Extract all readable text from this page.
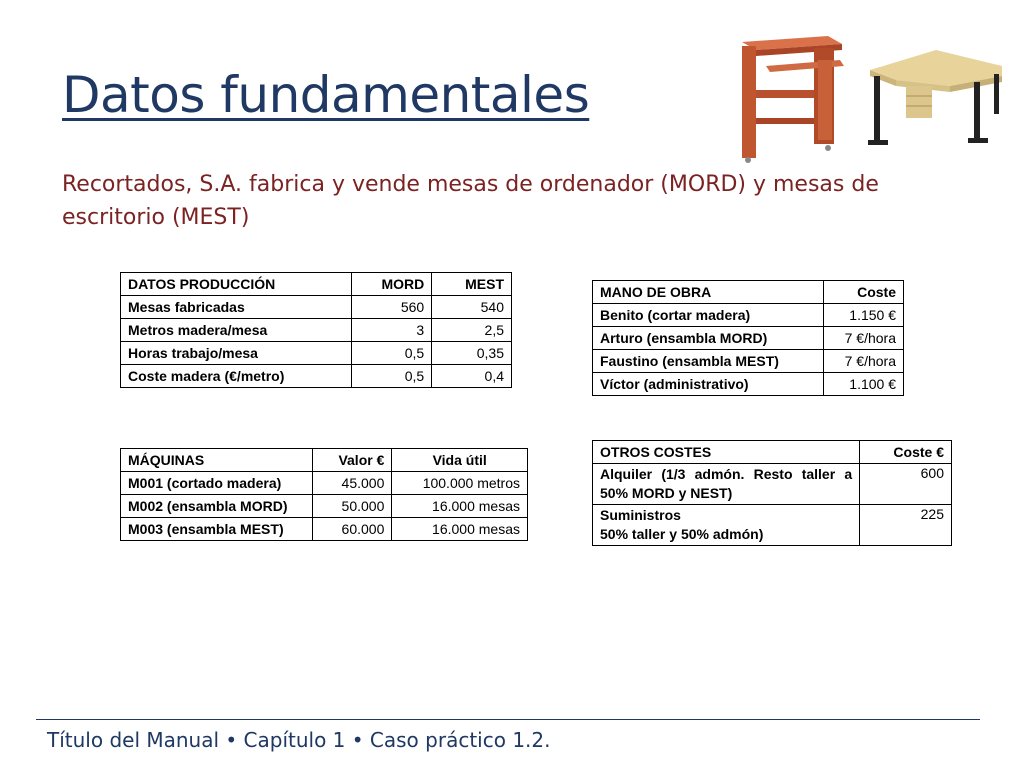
Datos fundamentales

Recortados, S.A. fabrica y vende mesas de ordenador (MORD) y mesas de escritorio (MEST)

DATOS PRODUCCIÓN	MORD	MEST
Mesas fabricadas	560	540
Metros madera/mesa	3	2,5
Horas trabajo/mesa	0,5	0,35
Coste madera (€/metro)	0,5	0,4
MANO DE OBRA	Coste
Benito (cortar madera)	1.150 €
Arturo (ensambla MORD)	7 €/hora
Faustino (ensambla MEST)	7 €/hora
Víctor (administrativo)	1.100 €
MÁQUINAS	Valor €	Vida útil
M001 (cortado madera)	45.000	100.000 metros
M002 (ensambla MORD)	50.000	16.000 mesas
M003 (ensambla MEST)	60.000	16.000 mesas
OTROS COSTES	Coste €
Alquiler (1/3 admón. Resto taller a 50% MORD y NEST)	600

Suministros
50% taller y 50% admón)	225

Título del Manual • Capítulo 1 • Caso práctico 1.2.
